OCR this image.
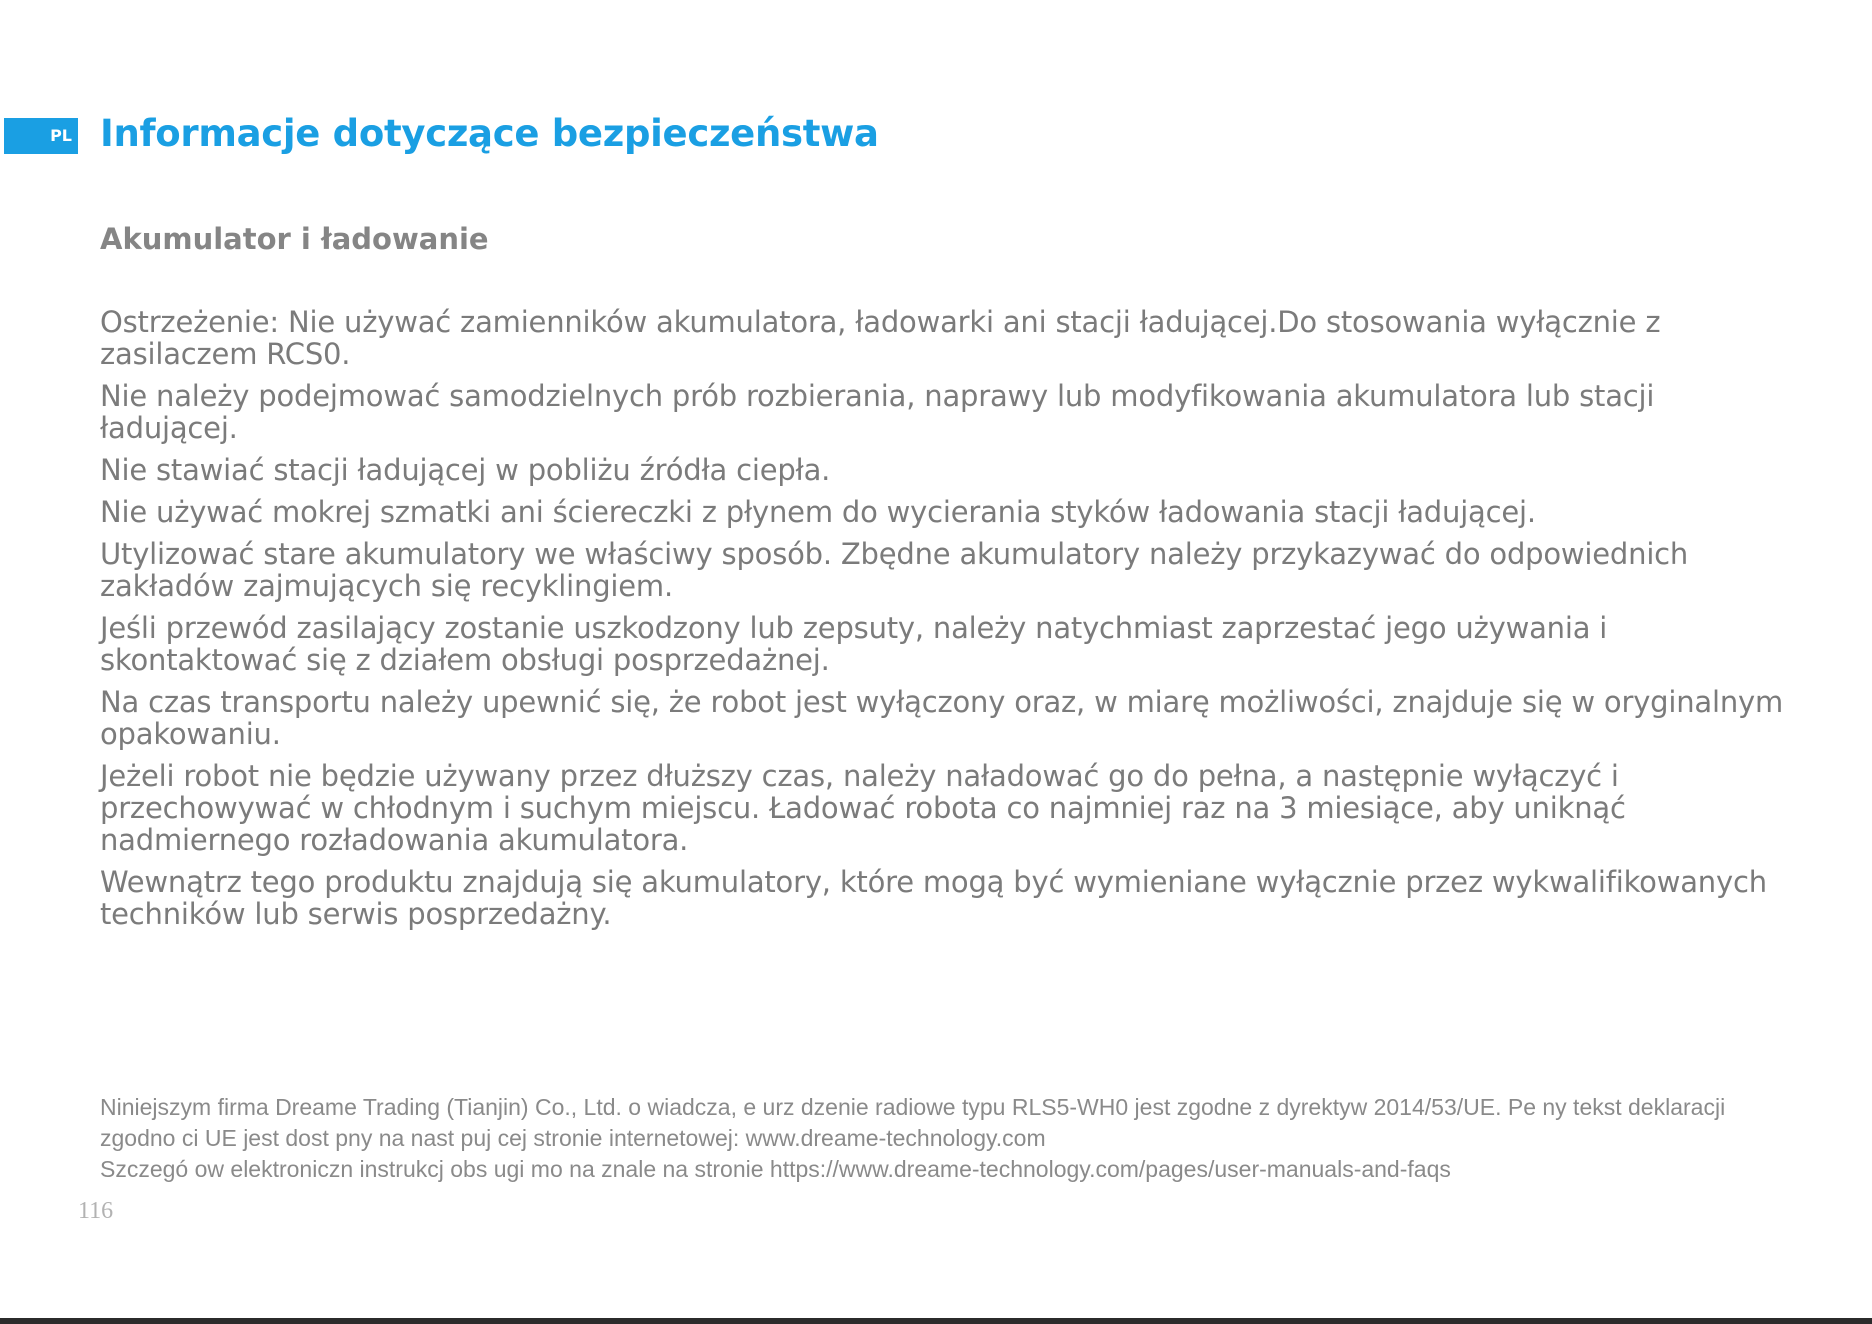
PL Informacje dotyczące bezpieczeństwa
Akumulator i ładowanie
Ostrzeżenie: Nie używać zamienników akumulatora, ładowarki ani stacji ładującej.Do stosowania wyłącznie z zasilaczem RCS0.
Nie należy podejmować samodzielnych prób rozbierania, naprawy lub modyfikowania akumulatora lub stacji ładującej.
Nie stawiać stacji ładującej w pobliżu źródła ciepła.
Nie używać mokrej szmatki ani ściereczki z płynem do wycierania styków ładowania stacji ładującej.
Utylizować stare akumulatory we właściwy sposób. Zbędne akumulatory należy przykazywać do odpowiednich zakładów zajmujących się recyklingiem.
Jeśli przewód zasilający zostanie uszkodzony lub zepsuty, należy natychmiast zaprzestać jego używania i skontaktować się z działem obsługi posprzedażnej.
Na czas transportu należy upewnić się, że robot jest wyłączony oraz, w miarę możliwości, znajduje się w oryginalnym opakowaniu.
Jeżeli robot nie będzie używany przez dłuższy czas, należy naładować go do pełna, a następnie wyłączyć i przechowywać w chłodnym i suchym miejscu. Ładować robota co najmniej raz na 3 miesiące, aby uniknąć nadmiernego rozładowania akumulatora.
Wewnątrz tego produktu znajdują się akumulatory, które mogą być wymieniane wyłącznie przez wykwalifikowanych techników lub serwis posprzedażny.

Niniejszym firma Dreame Trading (Tianjin) Co., Ltd. o wiadcza, e urz dzenie radiowe typu RLS5-WH0 jest zgodne z dyrektyw 2014/53/UE. Pe ny tekst deklaracji zgodno ci UE jest dost pny na nast puj cej stronie internetowej: www.dreame-technology.com
Szczegó ow elektroniczn instrukcj obs ugi mo na znale na stronie https://www.dreame-technology.com/pages/user-manuals-and-faqs

116
